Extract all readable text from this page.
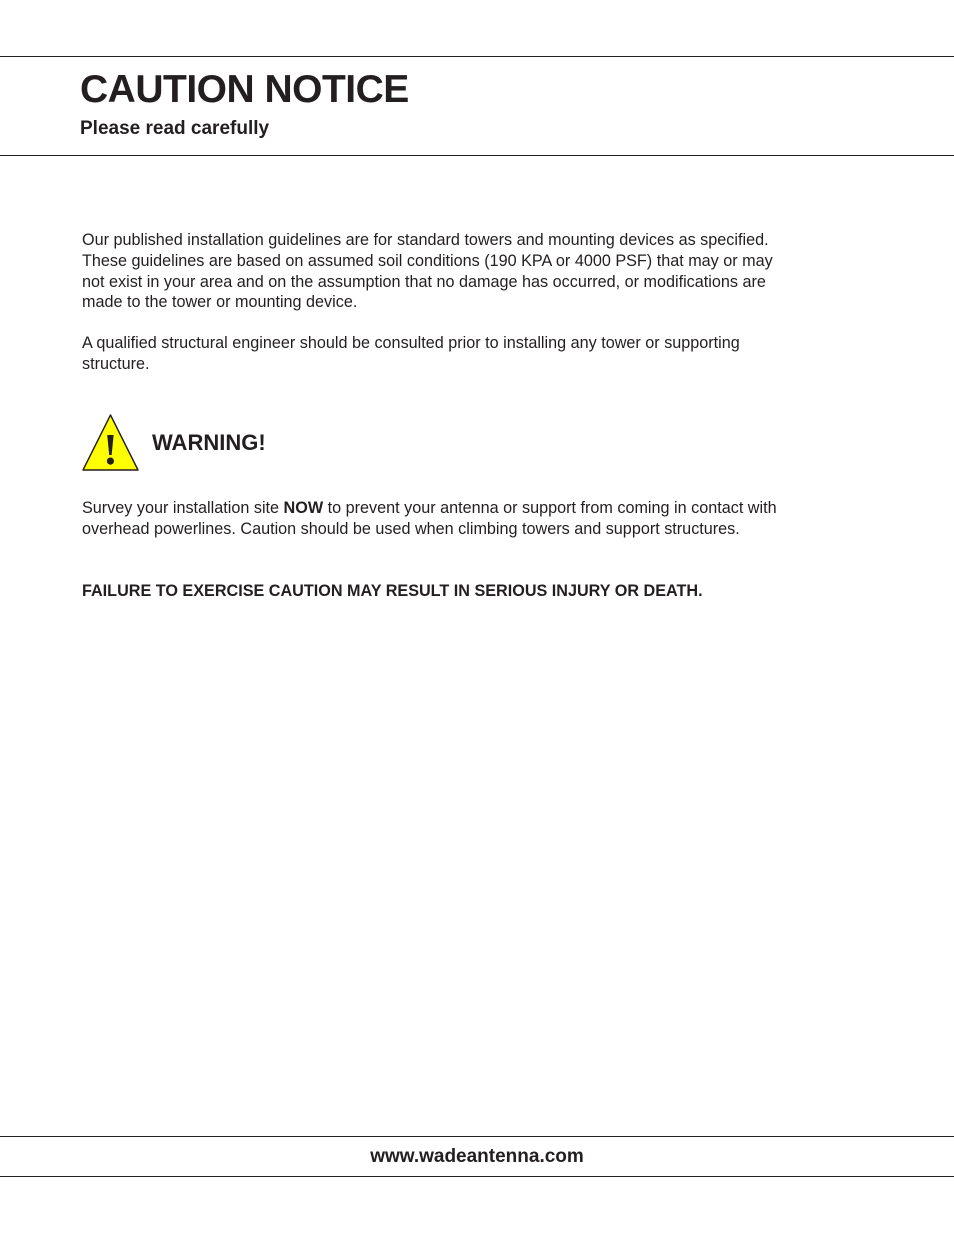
CAUTION NOTICE

Please read carefully

Our published installation guidelines are for standard towers and mounting devices as specified. These guidelines are based on assumed soil conditions (190 KPA or 4000 PSF) that may or may not exist in your area and on the assumption that no damage has occurred, or modifications are made to the tower or mounting device.

A qualified structural engineer should be consulted prior to installing any tower or supporting structure.

! WARNING!

Survey your installation site NOW to prevent your antenna or support from coming in contact with overhead powerlines. Caution should be used when climbing towers and support structures.

FAILURE TO EXERCISE CAUTION MAY RESULT IN SERIOUS INJURY OR DEATH.

www.wadeantenna.com
